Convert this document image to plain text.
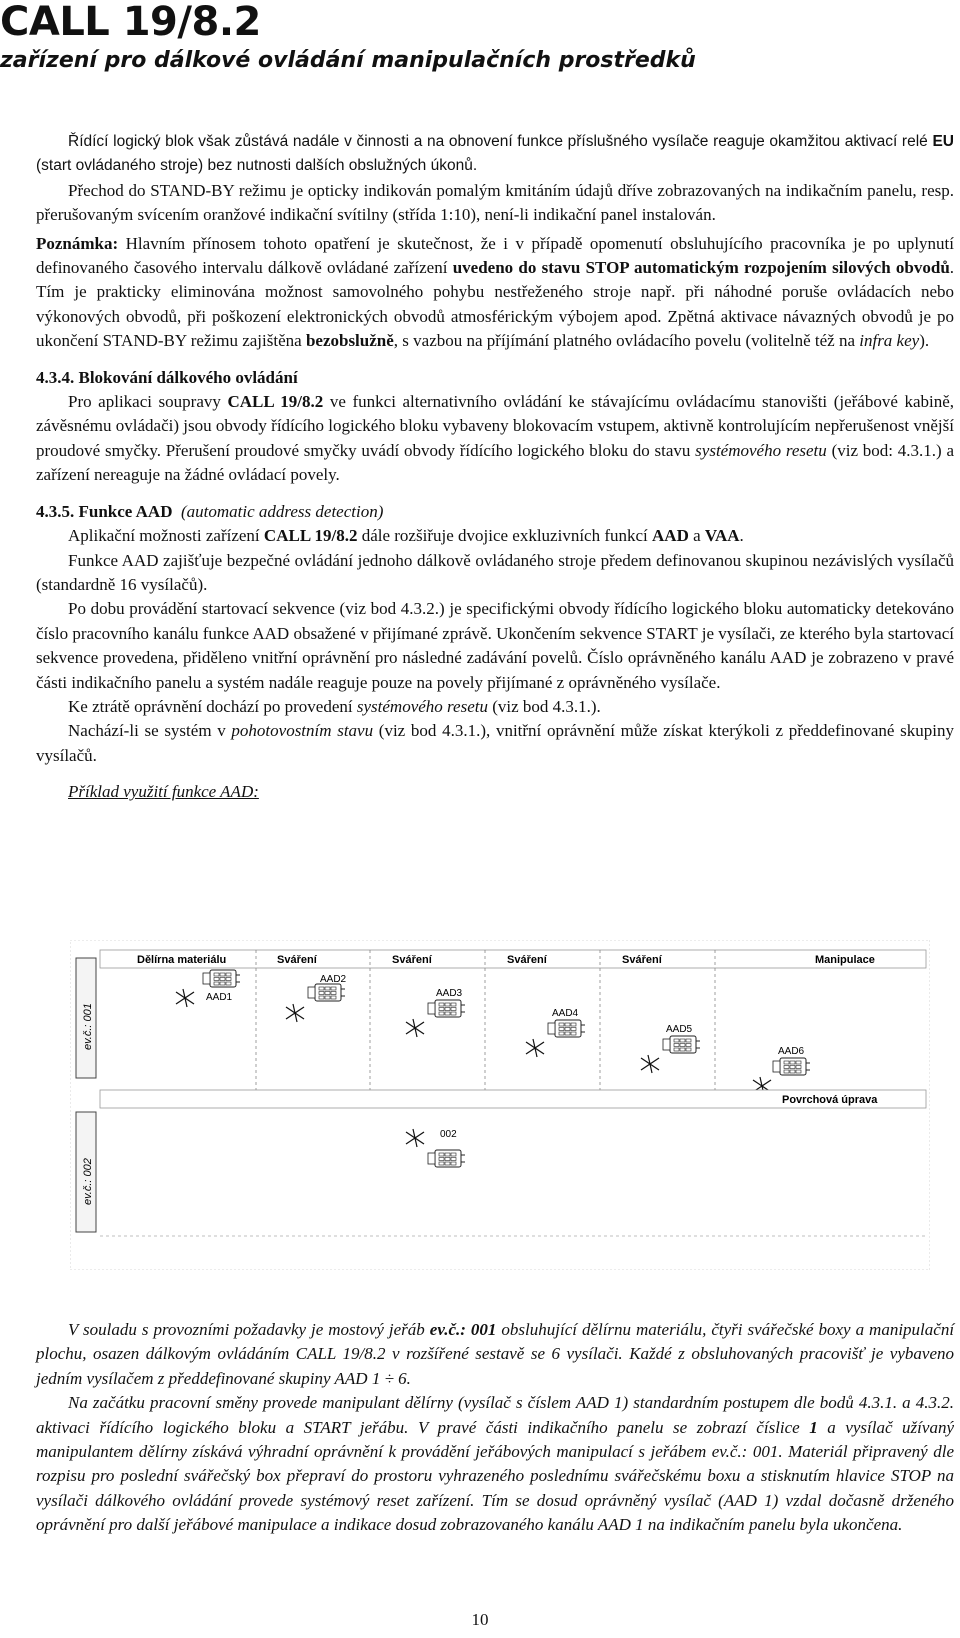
CALL 19/8.2
zařízení pro dálkové ovládání manipulačních prostředků

Řídící logický blok však zůstává nadále v činnosti a na obnovení funkce příslušného vysílače reaguje okamžitou aktivací relé EU (start ovládaného stroje) bez nutnosti dalších obslužných úkonů.

Přechod do STAND-BY režimu je opticky indikován pomalým kmitáním údajů dříve zobrazovaných na indikačním panelu, resp. přerušovaným svícením oranžové indikační svítilny (střída 1:10), není-li indikační panel instalován.

Poznámka: Hlavním přínosem tohoto opatření je skutečnost, že i v případě opomenutí obsluhujícího pracovníka je po uplynutí definovaného časového intervalu dálkově ovládané zařízení uvedeno do stavu STOP automatickým rozpojením silových obvodů. Tím je prakticky eliminována možnost samovolného pohybu nestřeženého stroje např. při náhodné poruše ovládacích nebo výkonových obvodů, při poškození elektronických obvodů atmosférickým výbojem apod. Zpětná aktivace návazných obvodů je po ukončení STAND-BY režimu zajištěna bezobslužně, s vazbou na příjímání platného ovládacího povelu (volitelně též na infra key).

4.3.4. Blokování dálkového ovládání

Pro aplikaci soupravy CALL 19/8.2 ve funkci alternativního ovládání ke stávajícímu ovládacímu stanovišti (jeřábové kabině, závěsnému ovládači) jsou obvody řídícího logického bloku vybaveny blokovacím vstupem, aktivně kontrolujícím nepřerušenost vnější proudové smyčky. Přerušení proudové smyčky uvádí obvody řídícího logického bloku do stavu systémového resetu (viz bod: 4.3.1.) a zařízení nereaguje na žádné ovládací povely.

4.3.5. Funkce AAD (automatic address detection)

Aplikační možnosti zařízení CALL 19/8.2 dále rozšiřuje dvojice exkluzivních funkcí AAD a VAA.

Funkce AAD zajišťuje bezpečné ovládání jednoho dálkově ovládaného stroje předem definovanou skupinou nezávislých vysílačů (standardně 16 vysílačů).

Po dobu provádění startovací sekvence (viz bod 4.3.2.) je specifickými obvody řídícího logického bloku automaticky detekováno číslo pracovního kanálu funkce AAD obsažené v přijímané zprávě. Ukončením sekvence START je vysílači, ze kterého byla startovací sekvence provedena, přiděleno vnitřní oprávnění pro následné zadávání povelů. Číslo oprávněného kanálu AAD je zobrazeno v pravé části indikačního panelu a systém nadále reaguje pouze na povely přijímané z oprávněného vysílače.

Ke ztrátě oprávnění dochází po provedení systémového resetu (viz bod 4.3.1.).

Nachází-li se systém v pohotovostním stavu (viz bod 4.3.1.), vnitřní oprávnění může získat kterýkoli z předdefinované skupiny vysílačů.

Příklad využití funkce AAD:

Dělírna materiálu	Sváření	Sváření	Sváření	Sváření	Manipulace
ev.č.: 001
ev.č.: 002
AAD1
AAD2
AAD3
AAD4
AAD5
AAD6
Povrchová úprava
002

V souladu s provozními požadavky je mostový jeřáb ev.č.: 001 obsluhující dělírnu materiálu, čtyři svářečské boxy a manipulační plochu, osazen dálkovým ovládáním CALL 19/8.2 v rozšířené sestavě se 6 vysílači. Každé z obsluhovaných pracovišť je vybaveno jedním vysílačem z předdefinované skupiny AAD 1 ÷ 6.

Na začátku pracovní směny provede manipulant dělírny (vysílač s číslem AAD 1) standardním postupem dle bodů 4.3.1. a 4.3.2. aktivaci řídícího logického bloku a START jeřábu. V pravé části indikačního panelu se zobrazí číslice 1 a vysílač užívaný manipulantem dělírny získává výhradní oprávnění k provádění jeřábových manipulací s jeřábem ev.č.: 001. Materiál připravený dle rozpisu pro poslední svářečský box přepraví do prostoru vyhrazeného poslednímu svářečskému boxu a stisknutím hlavice STOP na vysílači dálkového ovládání provede systémový reset zařízení. Tím se dosud oprávněný vysílač (AAD 1) vzdal dočasně drženého oprávnění pro další jeřábové manipulace a indikace dosud zobrazovaného kanálu AAD 1 na indikačním panelu byla ukončena.

10
